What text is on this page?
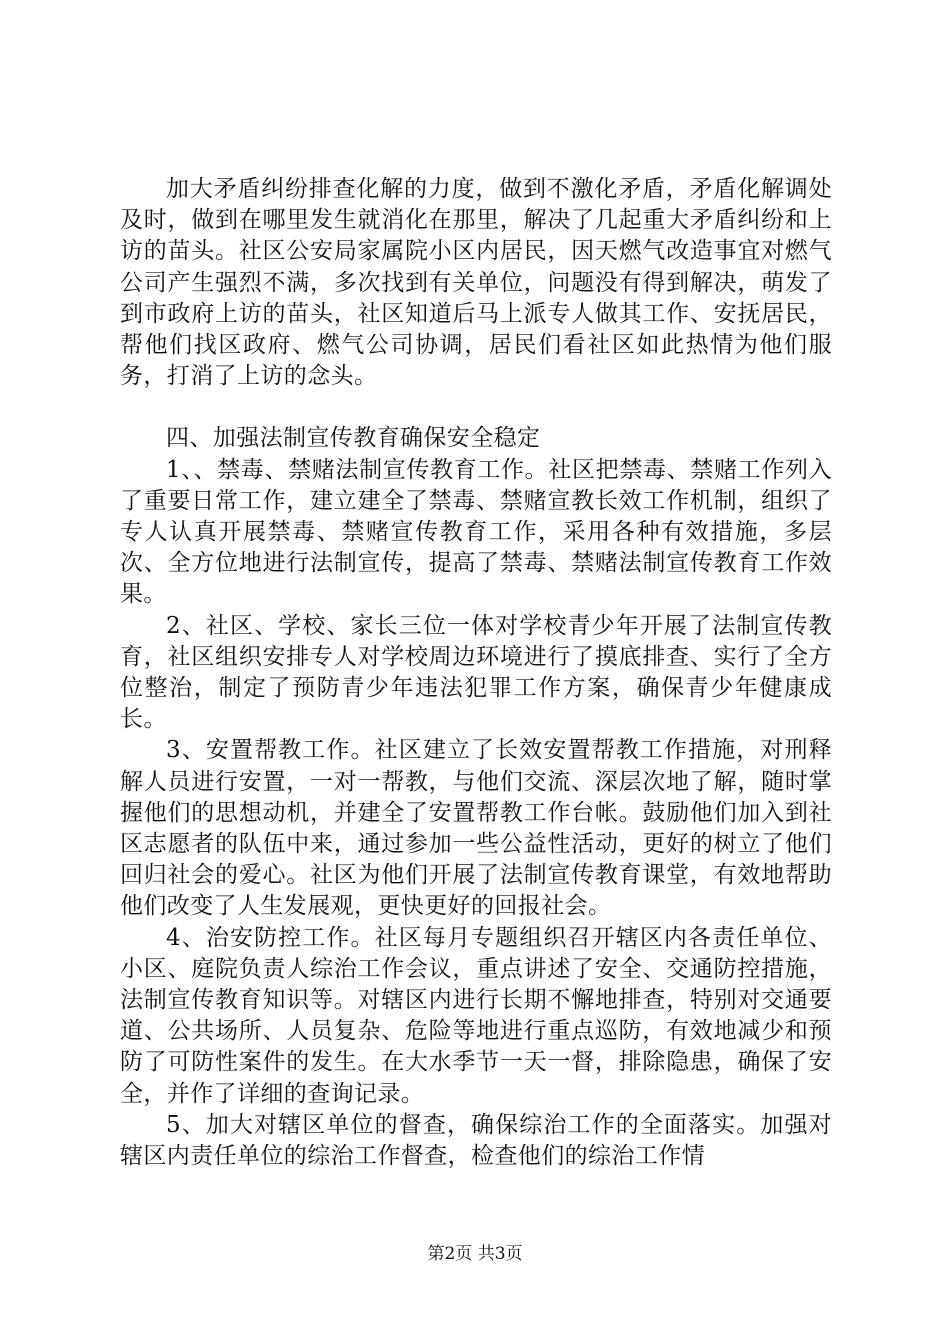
加大矛盾纠纷排查化解的力度，做到不激化矛盾，矛盾化解调处及时，做到在哪里发生就消化在那里，解决了几起重大矛盾纠纷和上访的苗头。社区公安局家属院小区内居民，因天燃气改造事宜对燃气公司产生强烈不满，多次找到有关单位，问题没有得到解决，萌发了到市政府上访的苗头，社区知道后马上派专人做其工作、安抚居民，帮他们找区政府、燃气公司协调，居民们看社区如此热情为他们服务，打消了上访的念头。

四、加强法制宣传教育确保安全稳定

1、、禁毒、禁赌法制宣传教育工作。社区把禁毒、禁赌工作列入了重要日常工作，建立建全了禁毒、禁赌宣教长效工作机制，组织了专人认真开展禁毒、禁赌宣传教育工作，采用各种有效措施，多层次、全方位地进行法制宣传，提高了禁毒、禁赌法制宣传教育工作效果。

2、社区、学校、家长三位一体对学校青少年开展了法制宣传教育，社区组织安排专人对学校周边环境进行了摸底排查、实行了全方位整治，制定了预防青少年违法犯罪工作方案，确保青少年健康成长。

3、安置帮教工作。社区建立了长效安置帮教工作措施，对刑释解人员进行安置，一对一帮教，与他们交流、深层次地了解，随时掌握他们的思想动机，并建全了安置帮教工作台帐。鼓励他们加入到社区志愿者的队伍中来，通过参加一些公益性活动，更好的树立了他们回归社会的爱心。社区为他们开展了法制宣传教育课堂，有效地帮助他们改变了人生发展观，更快更好的回报社会。

4、治安防控工作。社区每月专题组织召开辖区内各责任单位、小区、庭院负责人综治工作会议，重点讲述了安全、交通防控措施，法制宣传教育知识等。对辖区内进行长期不懈地排查，特别对交通要道、公共场所、人员复杂、危险等地进行重点巡防，有效地减少和预防了可防性案件的发生。在大水季节一天一督，排除隐患，确保了安全，并作了详细的查询记录。

5、加大对辖区单位的督查，确保综治工作的全面落实。加强对辖区内责任单位的综治工作督查，检查他们的综治工作情

第2页 共3页
